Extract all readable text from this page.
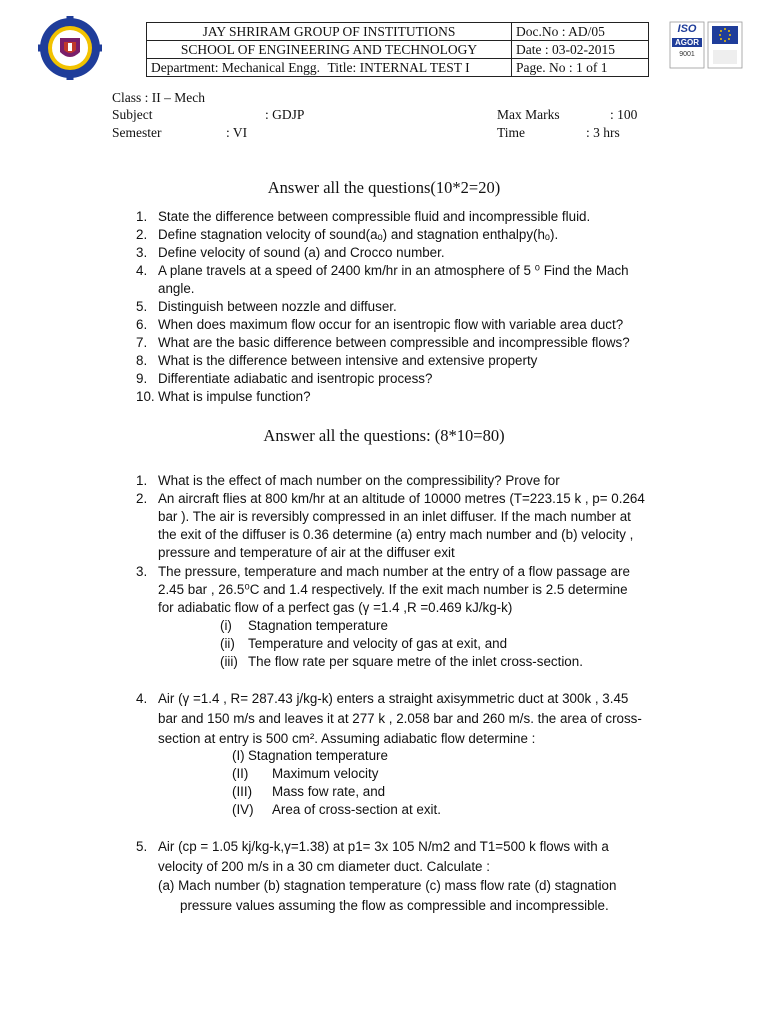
JAY SHRIRAM GROUP OF INSTITUTIONS	Doc.No : AD/05
SCHOOL OF ENGINEERING AND TECHNOLOGY	Date : 03-02-2015
Department: Mechanical Engg. Title: INTERNAL TEST I	Page. No : 1 of 1
ISO
AGOR
9001
Class : II – Mech
Subject	: GDJP
Semester	: VI
Max Marks	: 100
Time	: 3 hrs
Answer all the questions(10*2=20)
1. State the difference between compressible fluid and incompressible fluid.
2. Define stagnation velocity of sound(aₒ) and stagnation enthalpy(hₒ).
3. Define velocity of sound (a) and Crocco number.
4. A plane travels at a speed of 2400 km/hr in an atmosphere of 5 ⁰ Find the Mach
angle.
5. Distinguish between nozzle and diffuser.
6. When does maximum flow occur for an isentropic flow with variable area duct?
7. What are the basic difference between compressible and incompressible flows?
8. What is the difference between intensive and extensive property
9. Differentiate adiabatic and isentropic process?
10. What is impulse function?
Answer all the questions: (8*10=80)
1. What is the effect of mach number on the compressibility? Prove for
2. An aircraft flies at 800 km/hr at an altitude of 10000 metres (T=223.15 k , p= 0.264
bar ). The air is reversibly compressed in an inlet diffuser. If the mach number at
the exit of the diffuser is 0.36 determine (a) entry mach number and (b) velocity ,
pressure and temperature of air at the diffuser exit
3. The pressure, temperature and mach number at the entry of a flow passage are
2.45 bar , 26.5⁰C and 1.4 respectively. If the exit mach number is 2.5 determine
for adiabatic flow of a perfect gas (γ =1.4 ,R =0.469 kJ/kg-k)
(i) Stagnation temperature
(ii) Temperature and velocity of gas at exit, and
(iii) The flow rate per square metre of the inlet cross-section.
4. Air (γ =1.4 , R= 287.43 j/kg-k) enters a straight axisymmetric duct at 300k , 3.45
bar and 150 m/s and leaves it at 277 k , 2.058 bar and 260 m/s. the area of cross-
section at entry is 500 cm². Assuming adiabatic flow determine :
(I) Stagnation temperature
(II) Maximum velocity
(III) Mass fow rate, and
(IV) Area of cross-section at exit.
5. Air (cp = 1.05 kj/kg-k,γ=1.38) at p1= 3x 105 N/m2 and T1=500 k flows with a
velocity of 200 m/s in a 30 cm diameter duct. Calculate :
(a) Mach number (b) stagnation temperature (c) mass flow rate (d) stagnation
pressure values assuming the flow as compressible and incompressible.
